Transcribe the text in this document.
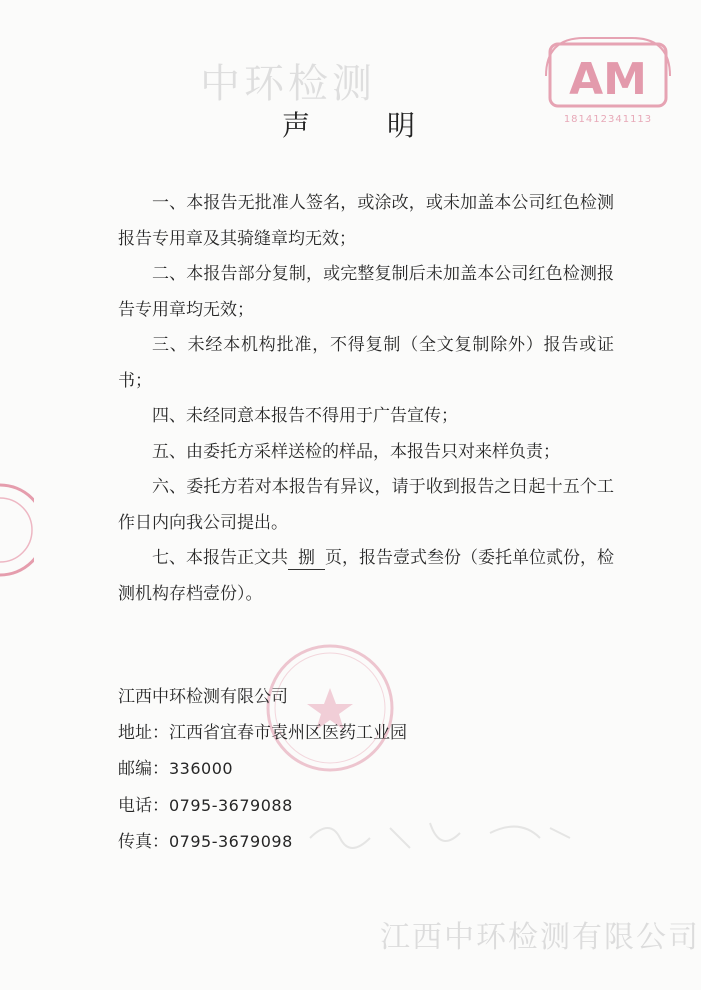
中环检测
江西中环检测有限公司
AM
181412341113
声 明

一、本报告无批准人签名，或涂改，或未加盖本公司红色检测报告专用章及其骑缝章均无效；

二、本报告部分复制，或完整复制后未加盖本公司红色检测报告专用章均无效；

三、未经本机构批准，不得复制（全文复制除外）报告或证书；

四、未经同意本报告不得用于广告宣传；

五、由委托方采样送检的样品，本报告只对来样负责；

六、委托方若对本报告有异议，请于收到报告之日起十五个工作日内向我公司提出。

七、本报告正文共 捌 页，报告壹式叁份（委托单位贰份，检测机构存档壹份）。

江西中环检测有限公司

地址：江西省宜春市袁州区医药工业园

邮编：336000

电话：0795-3679088

传真：0795-3679098
